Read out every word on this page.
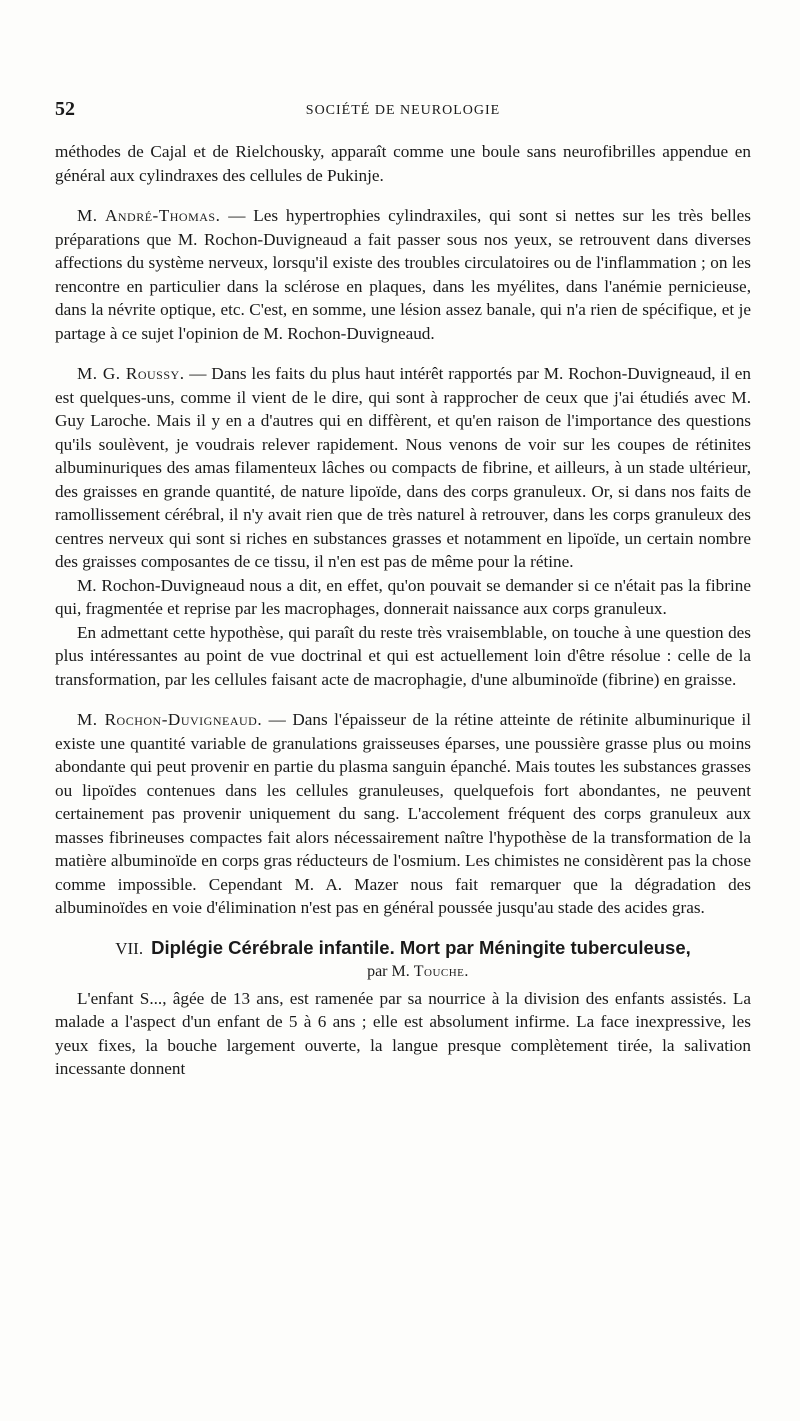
52	SOCIÉTÉ DE NEUROLOGIE

méthodes de Cajal et de Rielchousky, apparaît comme une boule sans neurofibrilles appendue en général aux cylindraxes des cellules de Pukinje.

M. André-Thomas. — Les hypertrophies cylindraxiles, qui sont si nettes sur les très belles préparations que M. Rochon-Duvigneaud a fait passer sous nos yeux, se retrouvent dans diverses affections du système nerveux, lorsqu'il existe des troubles circulatoires ou de l'inflammation ; on les rencontre en particulier dans la sclérose en plaques, dans les myélites, dans l'anémie pernicieuse, dans la névrite optique, etc. C'est, en somme, une lésion assez banale, qui n'a rien de spécifique, et je partage à ce sujet l'opinion de M. Rochon-Duvigneaud.

M. G. Roussy. — Dans les faits du plus haut intérêt rapportés par M. Rochon-Duvigneaud, il en est quelques-uns, comme il vient de le dire, qui sont à rapprocher de ceux que j'ai étudiés avec M. Guy Laroche. Mais il y en a d'autres qui en diffèrent, et qu'en raison de l'importance des questions qu'ils soulèvent, je voudrais relever rapidement. Nous venons de voir sur les coupes de rétinites albuminuriques des amas filamenteux lâches ou compacts de fibrine, et ailleurs, à un stade ultérieur, des graisses en grande quantité, de nature lipoïde, dans des corps granuleux. Or, si dans nos faits de ramollissement cérébral, il n'y avait rien que de très naturel à retrouver, dans les corps granuleux des centres nerveux qui sont si riches en substances grasses et notamment en lipoïde, un certain nombre des graisses composantes de ce tissu, il n'en est pas de même pour la rétine.

M. Rochon-Duvigneaud nous a dit, en effet, qu'on pouvait se demander si ce n'était pas la fibrine qui, fragmentée et reprise par les macrophages, donnerait naissance aux corps granuleux.

En admettant cette hypothèse, qui paraît du reste très vraisemblable, on touche à une question des plus intéressantes au point de vue doctrinal et qui est actuellement loin d'être résolue : celle de la transformation, par les cellules faisant acte de macrophagie, d'une albuminoïde (fibrine) en graisse.

M. Rochon-Duvigneaud. — Dans l'épaisseur de la rétine atteinte de rétinite albuminurique il existe une quantité variable de granulations graisseuses éparses, une poussière grasse plus ou moins abondante qui peut provenir en partie du plasma sanguin épanché. Mais toutes les substances grasses ou lipoïdes contenues dans les cellules granuleuses, quelquefois fort abondantes, ne peuvent certainement pas provenir uniquement du sang. L'accolement fréquent des corps granuleux aux masses fibrineuses compactes fait alors nécessairement naître l'hypothèse de la transformation de la matière albuminoïde en corps gras réducteurs de l'osmium. Les chimistes ne considèrent pas la chose comme impossible. Cependant M. A. Mazer nous fait remarquer que la dégradation des albuminoïdes en voie d'élimination n'est pas en général poussée jusqu'au stade des acides gras.

VII. Diplégie Cérébrale infantile. Mort par Méningite tuberculeuse,
par M. Touche.

L'enfant S..., âgée de 13 ans, est ramenée par sa nourrice à la division des enfants assistés. La malade a l'aspect d'un enfant de 5 à 6 ans ; elle est absolument infirme. La face inexpressive, les yeux fixes, la bouche largement ouverte, la langue presque complètement tirée, la salivation incessante donnent
